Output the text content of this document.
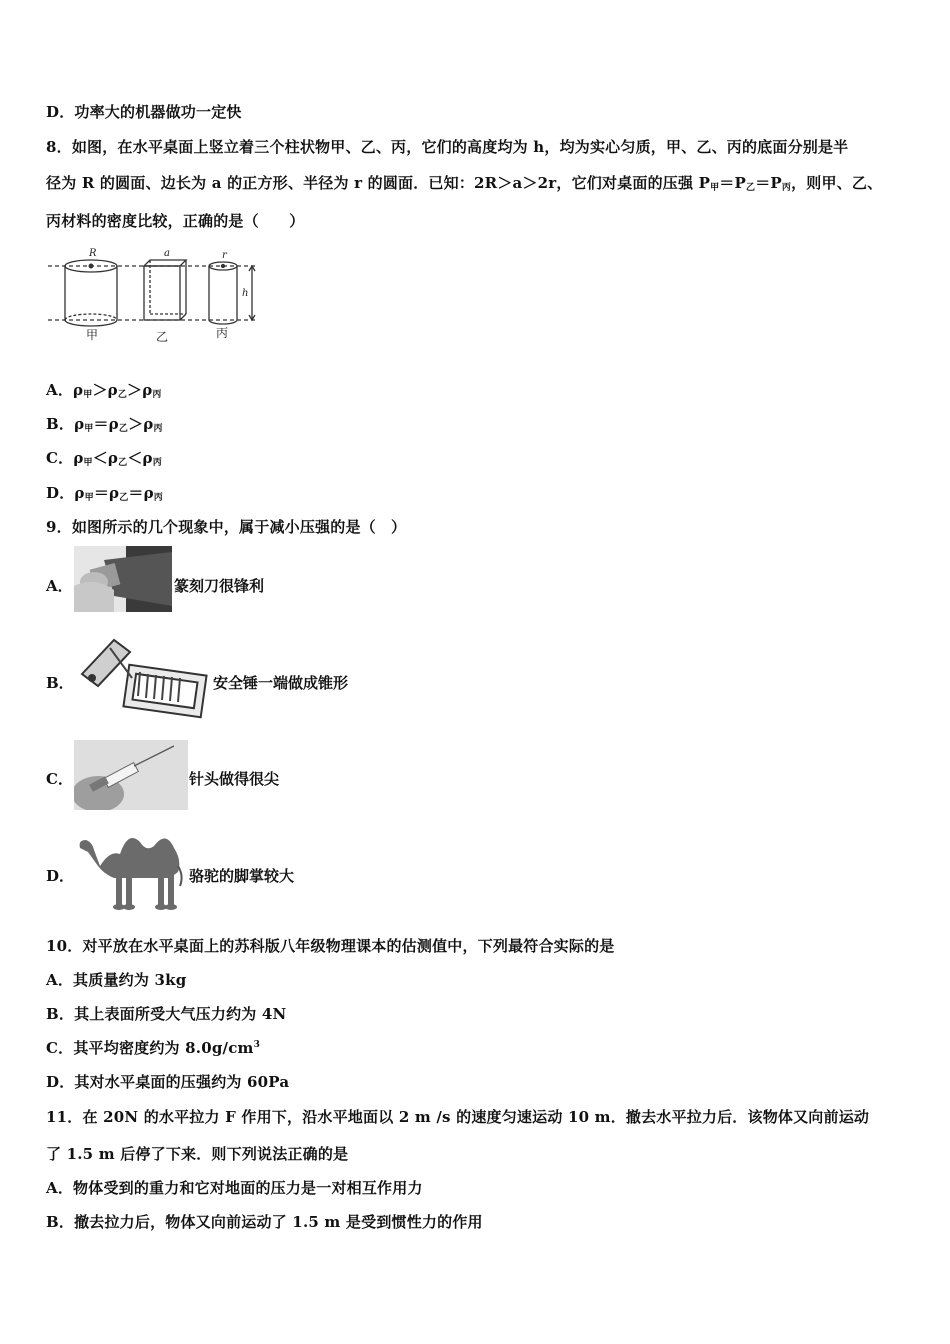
D．功率大的机器做功一定快
8．如图，在水平桌面上竖立着三个柱状物甲、乙、丙，它们的高度均为 h，均为实心匀质，甲、乙、丙的底面分别是半
径为 R 的圆面、边长为 a 的正方形、半径为 r 的圆面．已知：2R＞a＞2r，它们对桌面的压强 $P_甲=P_乙=P_丙$，则甲、乙、
丙材料的密度比较，正确的是（　　）
R	a	r
h
甲	乙	丙
A．$\rho_甲>\rho_乙>\rho_丙$
B．$\rho_甲=\rho_乙>\rho_丙$
C．$\rho_甲<\rho_乙<\rho_丙$
D．$\rho_甲=\rho_乙=\rho_丙$
9．如图所示的几个现象中，属于减小压强的是（　）
A．	篆刻刀很锋利
B．	安全锤一端做成锥形
C．	针头做得很尖
D．	骆驼的脚掌较大
10．对平放在水平桌面上的苏科版八年级物理课本的估测值中，下列最符合实际的是
A．其质量约为 3kg
B．其上表面所受大气压力约为 4N
C．其平均密度约为 $8.0g/cm^3$
D．其对水平桌面的压强约为 60Pa
11．在 20N 的水平拉力 F 作用下，沿水平地面以 2 m /s 的速度匀速运动 10 m．撤去水平拉力后．该物体又向前运动
了 1.5 m 后停了下来．则下列说法正确的是
A．物体受到的重力和它对地面的压力是一对相互作用力
B．撤去拉力后，物体又向前运动了 1.5 m 是受到惯性力的作用
